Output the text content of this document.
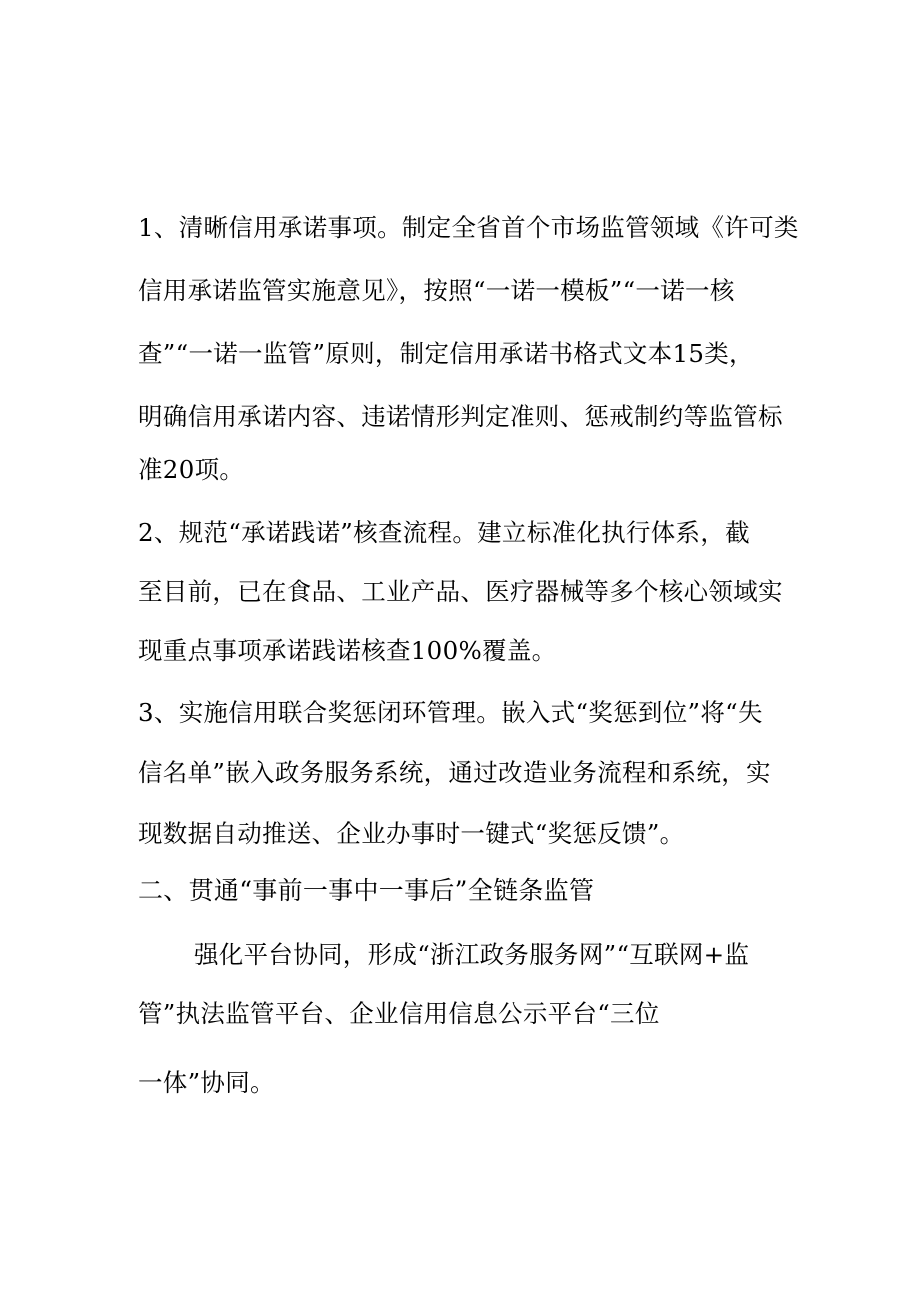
1、清晰信用承诺事项。制定全省首个市场监管领域《许可类
信用承诺监管实施意见》，按照“一诺一模板”“一诺一核
查”“一诺一监管”原则，制定信用承诺书格式文本15类，
明确信用承诺内容、违诺情形判定准则、惩戒制约等监管标
准20项。
2、规范“承诺践诺”核查流程。建立标准化执行体系，截
至目前，已在食品、工业产品、医疗器械等多个核心领域实
现重点事项承诺践诺核查100%覆盖。
3、实施信用联合奖惩闭环管理。嵌入式“奖惩到位”将“失
信名单”嵌入政务服务系统，通过改造业务流程和系统，实
现数据自动推送、企业办事时一键式“奖惩反馈”。
二、贯通“事前一事中一事后”全链条监管
强化平台协同，形成“浙江政务服务网”“互联网+监
管”执法监管平台、企业信用信息公示平台“三位
一体”协同。
